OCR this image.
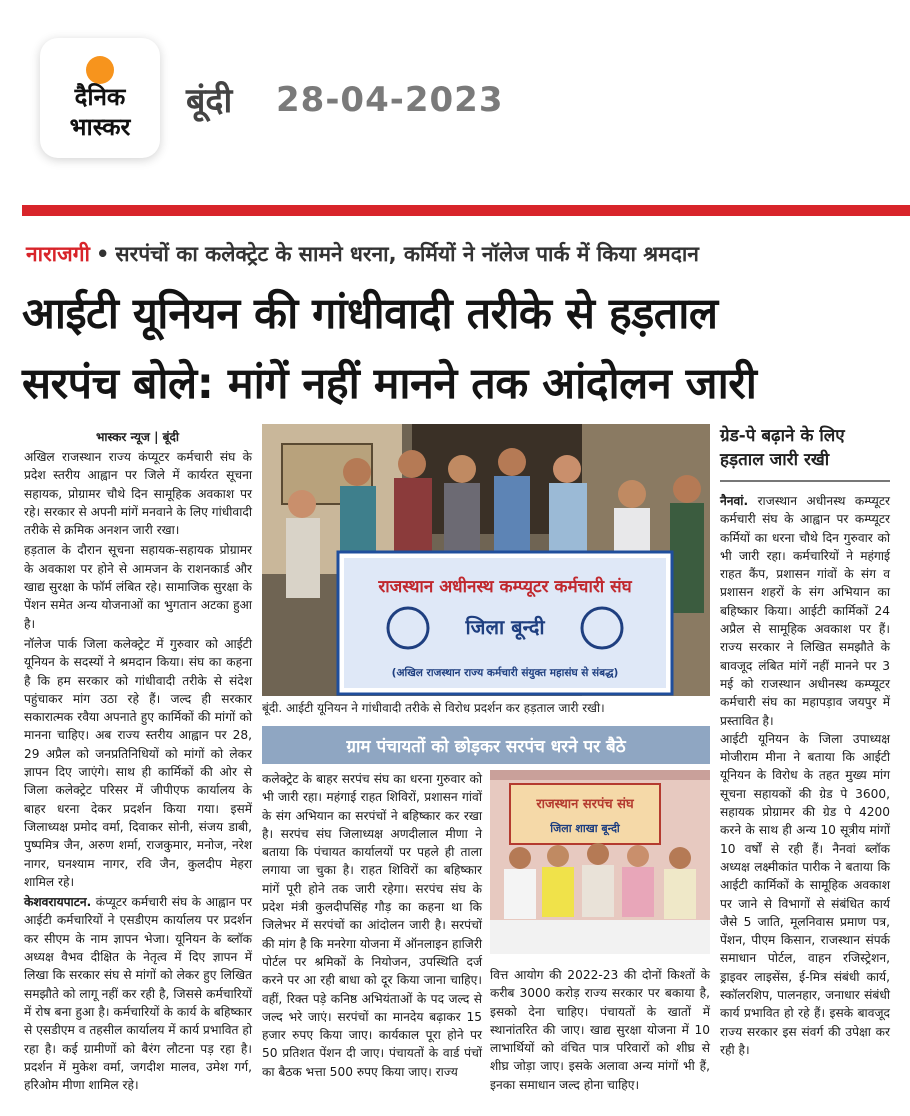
दैनिक
भास्कर
बूंदी 28-04-2023
नाराजगी • सरपंचों का कलेक्ट्रेट के सामने धरना, कर्मियों ने नॉलेज पार्क में किया श्रमदान
आईटी यूनियन की गांधीवादी तरीके से हड़ताल
सरपंच बोले: मांगें नहीं मानने तक आंदोलन जारी
भास्कर न्यूज | बूंदी

अखिल राजस्थान राज्य कंप्यूटर कर्मचारी संघ के प्रदेश स्तरीय आह्वान पर जिले में कार्यरत सूचना सहायक, प्रोग्रामर चौथे दिन सामूहिक अवकाश पर रहे। सरकार से अपनी मांगें मनवाने के लिए गांधीवादी तरीके से क्रमिक अनशन जारी रखा।

हड़ताल के दौरान सूचना सहायक-सहायक प्रोग्रामर के अवकाश पर होने से आमजन के राशनकार्ड और खाद्य सुरक्षा के फॉर्म लंबित रहे। सामाजिक सुरक्षा के पेंशन समेत अन्य योजनाओं का भुगतान अटका हुआ है।

नॉलेज पार्क जिला कलेक्ट्रेट में गुरुवार को आईटी यूनियन के सदस्यों ने श्रमदान किया। संघ का कहना है कि हम सरकार को गांधीवादी तरीके से संदेश पहुंचाकर मांग उठा रहे हैं। जल्द ही सरकार सकारात्मक रवैया अपनाते हुए कार्मिकों की मांगों को मानना चाहिए। अब राज्य स्तरीय आह्वान पर 28, 29 अप्रैल को जनप्रतिनिधियों को मांगों को लेकर ज्ञापन दिए जाएंगे। साथ ही कार्मिकों की ओर से जिला कलेक्ट्रेट परिसर में जीपीएफ कार्यालय के बाहर धरना देकर प्रदर्शन किया गया। इसमें जिलाध्यक्ष प्रमोद वर्मा, दिवाकर सोनी, संजय डाबी, पुष्पमित्र जैन, अरुण शर्मा, राजकुमार, मनोज, नरेश नागर, घनश्याम नागर, रवि जैन, कुलदीप मेहरा शामिल रहे।

केशवरायपाटन. कंप्यूटर कर्मचारी संघ के आह्वान पर आईटी कर्मचारियों ने एसडीएम कार्यालय पर प्रदर्शन कर सीएम के नाम ज्ञापन भेजा। यूनियन के ब्लॉक अध्यक्ष वैभव दीक्षित के नेतृत्व में दिए ज्ञापन में लिखा कि सरकार संघ से मांगों को लेकर हुए लिखित समझौते को लागू नहीं कर रही है, जिससे कर्मचारियों में रोष बना हुआ है। कर्मचारियों के कार्य के बहिष्कार से एसडीएम व तहसील कार्यालय में कार्य प्रभावित हो रहा है। कई ग्रामीणों को बैरंग लौटना पड़ रहा है। प्रदर्शन में मुकेश वर्मा, जगदीश मालव, उमेश गर्ग, हरिओम मीणा शामिल रहे।

राजस्थान अधीनस्थ कम्प्यूटर कर्मचारी संघ
जिला बून्दी
(अखिल राजस्थान राज्य कर्मचारी संयुक्त महासंघ से संबद्ध)
बूंदी. आईटी यूनियन ने गांधीवादी तरीके से विरोध प्रदर्शन कर हड़ताल जारी रखी।
ग्राम पंचायतों को छोड़कर सरपंच धरने पर बैठे

कलेक्ट्रेट के बाहर सरपंच संघ का धरना गुरुवार को भी जारी रहा। महंगाई राहत शिविरों, प्रशासन गांवों के संग अभियान का सरपंचों ने बहिष्कार कर रखा है। सरपंच संघ जिलाध्यक्ष अणदीलाल मीणा ने बताया कि पंचायत कार्यालयों पर पहले ही ताला लगाया जा चुका है। राहत शिविरों का बहिष्कार मांगें पूरी होने तक जारी रहेगा। सरपंच संघ के प्रदेश मंत्री कुलदीपसिंह गौड़ का कहना था कि जिलेभर में सरपंचों का आंदोलन जारी है। सरपंचों की मांग है कि मनरेगा योजना में ऑनलाइन हाजिरी पोर्टल पर श्रमिकों के नियोजन, उपस्थिति दर्ज करने पर आ रही बाधा को दूर किया जाना चाहिए। वहीं, रिक्त पड़े कनिष्ठ अभियंताओं के पद जल्द से जल्द भरे जाएं। सरपंचों का मानदेय बढ़ाकर 15 हजार रुपए किया जाए। कार्यकाल पूरा होने पर 50 प्रतिशत पेंशन दी जाए। पंचायतों के वार्ड पंचों का बैठक भत्ता 500 रुपए किया जाए। राज्य

राजस्थान सरपंच संघ
जिला शाखा बून्दी

वित्त आयोग की 2022-23 की दोनों किश्तों के करीब 3000 करोड़ राज्य सरकार पर बकाया है, इसको देना चाहिए। पंचायतों के खातों में स्थानांतरित की जाए। खाद्य सुरक्षा योजना में 10 लाभार्थियों को वंचित पात्र परिवारों को शीघ्र से शीघ्र जोड़ा जाए। इसके अलावा अन्य मांगों भी हैं, इनका समाधान जल्द होना चाहिए।

ग्रेड-पे बढ़ाने के लिए
हड़ताल जारी रखी

नैनवां. राजस्थान अधीनस्थ कम्प्यूटर कर्मचारी संघ के आह्वान पर कम्प्यूटर कर्मियों का धरना चौथे दिन गुरुवार को भी जारी रहा। कर्मचारियों ने महंगाई राहत कैंप, प्रशासन गांवों के संग व प्रशासन शहरों के संग अभियान का बहिष्कार किया। आईटी कार्मिकों 24 अप्रैल से सामूहिक अवकाश पर हैं। राज्य सरकार ने लिखित समझौते के बावजूद लंबित मांगें नहीं मानने पर 3 मई को राजस्थान अधीनस्थ कम्प्यूटर कर्मचारी संघ का महापड़ाव जयपुर में प्रस्तावित है।

आईटी यूनियन के जिला उपाध्यक्ष मोजीराम मीना ने बताया कि आईटी यूनियन के विरोध के तहत मुख्य मांग सूचना सहायकों की ग्रेड पे 3600, सहायक प्रोग्रामर की ग्रेड पे 4200 करने के साथ ही अन्य 10 सूत्रीय मांगों 10 वर्षों से रही हैं। नैनवां ब्लॉक अध्यक्ष लक्ष्मीकांत पारीक ने बताया कि आईटी कार्मिकों के सामूहिक अवकाश पर जाने से विभागों से संबंधित कार्य जैसे 5 जाति, मूलनिवास प्रमाण पत्र, पेंशन, पीएम किसान, राजस्थान संपर्क समाधान पोर्टल, वाहन रजिस्ट्रेशन, ड्राइवर लाइसेंस, ई-मित्र संबंधी कार्य, स्कॉलरशिप, पालनहार, जनाधार संबंधी कार्य प्रभावित हो रहे हैं। इसके बावजूद राज्य सरकार इस संवर्ग की उपेक्षा कर रही है।
